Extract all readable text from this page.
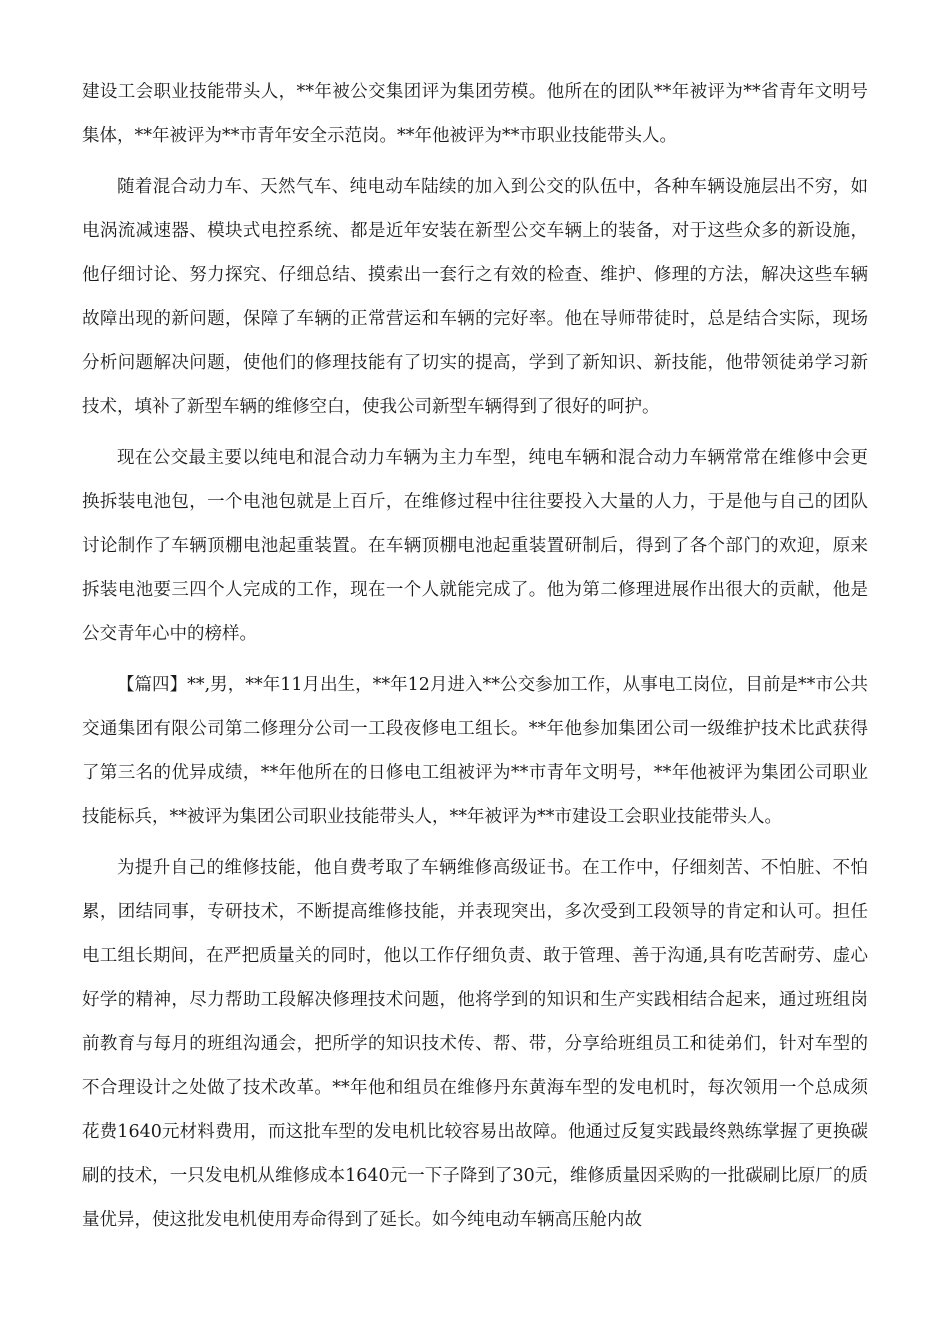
建设工会职业技能带头人，**年被公交集团评为集团劳模。他所在的团队**年被评为**省青年文明号集体，**年被评为**市青年安全示范岗。**年他被评为**市职业技能带头人。

随着混合动力车、天然气车、纯电动车陆续的加入到公交的队伍中，各种车辆设施层出不穷，如电涡流减速器、模块式电控系统、都是近年安装在新型公交车辆上的装备，对于这些众多的新设施，他仔细讨论、努力探究、仔细总结、摸索出一套行之有效的检查、维护、修理的方法，解决这些车辆故障出现的新问题，保障了车辆的正常营运和车辆的完好率。他在导师带徒时，总是结合实际，现场分析问题解决问题，使他们的修理技能有了切实的提高，学到了新知识、新技能，他带领徒弟学习新技术，填补了新型车辆的维修空白，使我公司新型车辆得到了很好的呵护。

现在公交最主要以纯电和混合动力车辆为主力车型，纯电车辆和混合动力车辆常常在维修中会更换拆装电池包，一个电池包就是上百斤，在维修过程中往往要投入大量的人力，于是他与自己的团队讨论制作了车辆顶棚电池起重装置。在车辆顶棚电池起重装置研制后，得到了各个部门的欢迎，原来拆装电池要三四个人完成的工作，现在一个人就能完成了。他为第二修理进展作出很大的贡献，他是公交青年心中的榜样。

【篇四】**,男，**年11月出生，**年12月进入**公交参加工作，从事电工岗位，目前是**市公共交通集团有限公司第二修理分公司一工段夜修电工组长。**年他参加集团公司一级维护技术比武获得了第三名的优异成绩，**年他所在的日修电工组被评为**市青年文明号，**年他被评为集团公司职业技能标兵，**被评为集团公司职业技能带头人，**年被评为**市建设工会职业技能带头人。

为提升自己的维修技能，他自费考取了车辆维修高级证书。在工作中，仔细刻苦、不怕脏、不怕累，团结同事，专研技术，不断提高维修技能，并表现突出，多次受到工段领导的肯定和认可。担任电工组长期间，在严把质量关的同时，他以工作仔细负责、敢于管理、善于沟通,具有吃苦耐劳、虚心好学的精神，尽力帮助工段解决修理技术问题，他将学到的知识和生产实践相结合起来，通过班组岗前教育与每月的班组沟通会，把所学的知识技术传、帮、带，分享给班组员工和徒弟们，针对车型的不合理设计之处做了技术改革。**年他和组员在维修丹东黄海车型的发电机时，每次领用一个总成须花费1640元材料费用，而这批车型的发电机比较容易出故障。他通过反复实践最终熟练掌握了更换碳刷的技术，一只发电机从维修成本1640元一下子降到了30元，维修质量因采购的一批碳刷比原厂的质量优异，使这批发电机使用寿命得到了延长。如今纯电动车辆高压舱内故
